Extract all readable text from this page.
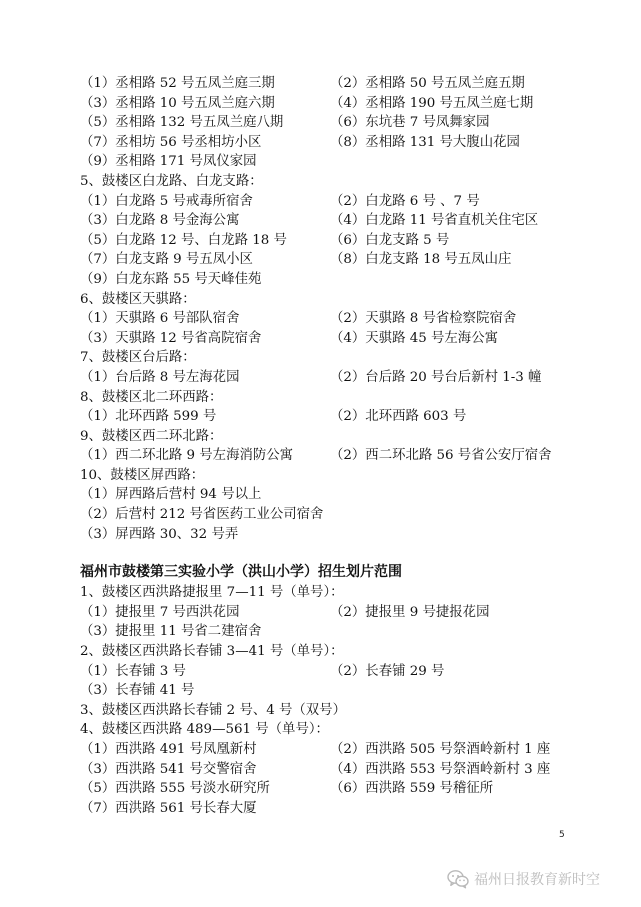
（1）丞相路 52 号五凤兰庭三期	（2）丞相路 50 号五凤兰庭五期
（3）丞相路 10 号五凤兰庭六期	（4）丞相路 190 号五凤兰庭七期
（5）丞相路 132 号五凤兰庭八期	（6）东坑巷 7 号凤舞家园
（7）丞相坊 56 号丞相坊小区	（8）丞相路 131 号大腹山花园
（9）丞相路 171 号凤仪家园
5、鼓楼区白龙路、白龙支路：
（1）白龙路 5 号戒毒所宿舍	（2）白龙路 6 号 、7 号
（3）白龙路 8 号金海公寓	（4）白龙路 11 号省直机关住宅区
（5）白龙路 12 号、白龙路 18 号	（6）白龙支路 5 号
（7）白龙支路 9 号五凤小区	（8）白龙支路 18 号五凤山庄
（9）白龙东路 55 号天峰佳苑
6、鼓楼区天骐路：
（1）天骐路 6 号部队宿舍	（2）天骐路 8 号省检察院宿舍
（3）天骐路 12 号省高院宿舍	（4）天骐路 45 号左海公寓
7、鼓楼区台后路：
（1）台后路 8 号左海花园	（2）台后路 20 号台后新村 1-3 幢
8、鼓楼区北二环西路：
（1）北环西路 599 号	（2）北环西路 603 号
9、鼓楼区西二环北路：
（1）西二环北路 9 号左海消防公寓	（2）西二环北路 56 号省公安厅宿舍
10、鼓楼区屏西路：
（1）屏西路后营村 94 号以上
（2）后营村 212 号省医药工业公司宿舍
（3）屏西路 30、32 号弄
福州市鼓楼第三实验小学（洪山小学）招生划片范围
1、鼓楼区西洪路捷报里 7—11 号（单号）：
（1）捷报里 7 号西洪花园	（2）捷报里 9 号捷报花园
（3）捷报里 11 号省二建宿舍
2、鼓楼区西洪路长春铺 3—41 号（单号）：
（1）长春铺 3 号	（2）长春铺 29 号
（3）长春铺 41 号
3、鼓楼区西洪路长春铺 2 号、4 号（双号）
4、鼓楼区西洪路 489—561 号（单号）：
（1）西洪路 491 号凤凰新村	（2）西洪路 505 号祭酒岭新村 1 座
（3）西洪路 541 号交警宿舍	（4）西洪路 553 号祭酒岭新村 3 座
（5）西洪路 555 号淡水研究所	（6）西洪路 559 号稽征所
（7）西洪路 561 号长春大厦
5
福州日报教育新时空
